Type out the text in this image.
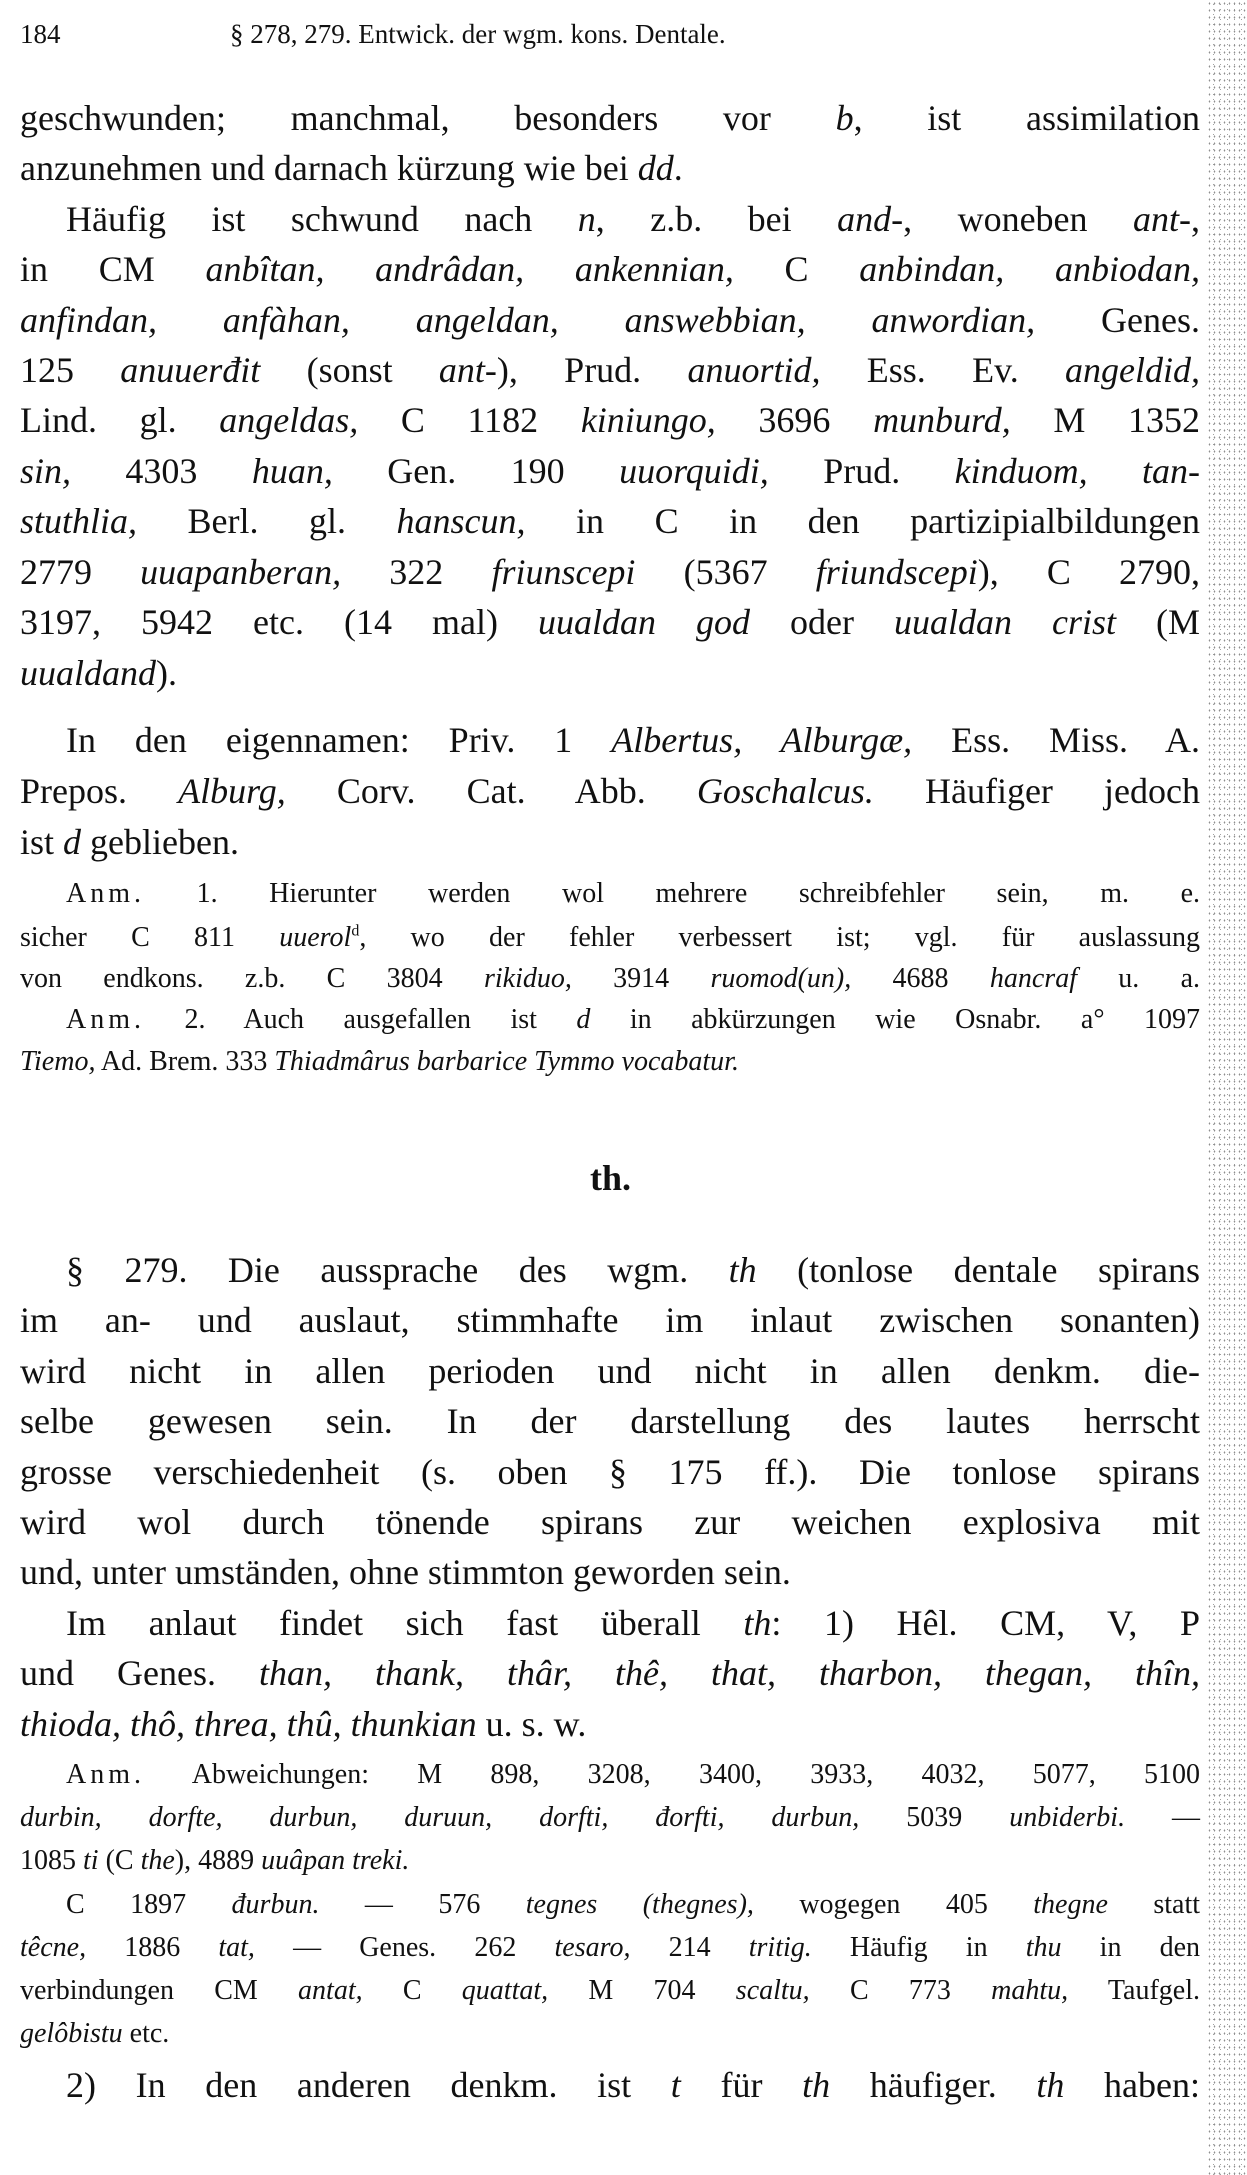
184	§ 278, 279. Entwick. der wgm. kons. Dentale.
th.
geschwunden; manchmal, besonders vor b, ist assimilation
anzunehmen und darnach kürzung wie bei dd.
Häufig ist schwund nach n, z.b. bei and-, woneben ant-,
in CM anbîtan, andrâdan, ankennian, C anbindan, anbiodan,
anfindan, anfàhan, angeldan, answebbian, anwordian, Genes.
125 anuuerđit (sonst ant-), Prud. anuortid, Ess. Ev. angeldid,
Lind. gl. angeldas, C 1182 kiniungo, 3696 munburd, M 1352
sin, 4303 huan, Gen. 190 uuorquidi, Prud. kinduom, tan-
stuthlia, Berl. gl. hanscun, in C in den partizipialbildungen
2779 uuapanberan, 322 friunscepi (5367 friundscepi), C 2790,
3197, 5942 etc. (14 mal) uualdan god oder uualdan crist (M
uualdand).
In den eigennamen: Priv. 1 Albertus, Alburgæ, Ess. Miss. A.
Prepos. Alburg, Corv. Cat. Abb. Goschalcus. Häufiger jedoch
ist d geblieben.
Anm. 1. Hierunter werden wol mehrere schreibfehler sein, m. e.
sicher C 811 uuerol$^d$, wo der fehler verbessert ist; vgl. für auslassung
von endkons. z.b. C 3804 rikiduo, 3914 ruomod(un), 4688 hancraf u. a.
Anm. 2. Auch ausgefallen ist d in abkürzungen wie Osnabr. a° 1097
Tiemo, Ad. Brem. 333 Thiadmârus barbarice Tymmo vocabatur.
§ 279. Die aussprache des wgm. th (tonlose dentale spirans
im an- und auslaut, stimmhafte im inlaut zwischen sonanten)
wird nicht in allen perioden und nicht in allen denkm. die-
selbe gewesen sein. In der darstellung des lautes herrscht
grosse verschiedenheit (s. oben § 175 ff.). Die tonlose spirans
wird wol durch tönende spirans zur weichen explosiva mit
und, unter umständen, ohne stimmton geworden sein.
Im anlaut findet sich fast überall th: 1) Hêl. CM, V, P
und Genes. than, thank, thâr, thê, that, tharbon, thegan, thîn,
thioda, thô, threa, thû, thunkian u. s. w.
Anm. Abweichungen: M 898, 3208, 3400, 3933, 4032, 5077, 5100
durbin, dorfte, durbun, duruun, dorfti, đorfti, durbun, 5039 unbiderbi. —
1085 ti (C the), 4889 uuâpan treki.
C 1897 đurbun. — 576 tegnes (thegnes), wogegen 405 thegne statt
têcne, 1886 tat, — Genes. 262 tesaro, 214 tritig. Häufig in thu in den
verbindungen CM antat, C quattat, M 704 scaltu, C 773 mahtu, Taufgel.
gelôbistu etc.
2) In den anderen denkm. ist t für th häufiger. th haben:
